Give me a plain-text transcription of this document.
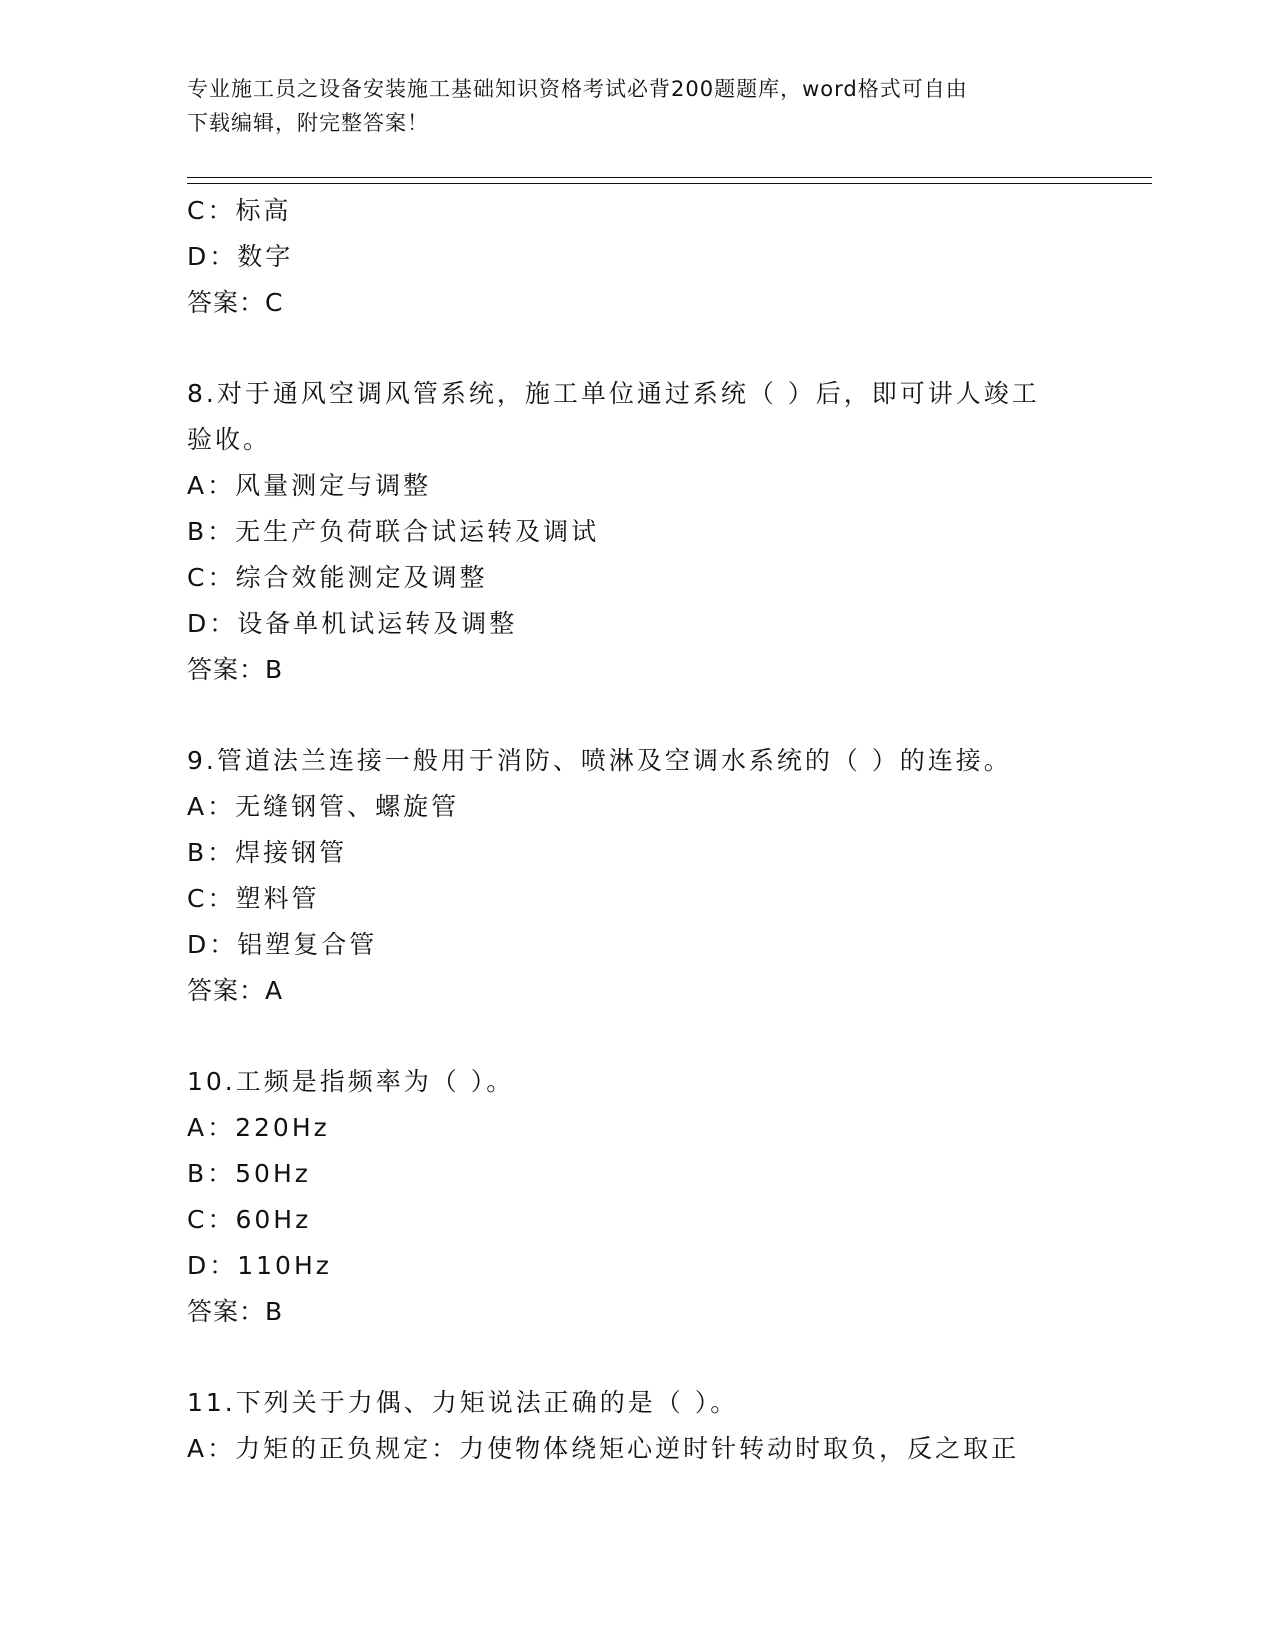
专业施工员之设备安装施工基础知识资格考试必背200题题库，word格式可自由
下载编辑，附完整答案！
C：标高
D：数字
答案：C
8.对于通风空调风管系统，施工单位通过系统（ ）后，即可讲人竣工
验收。
A：风量测定与调整
B：无生产负荷联合试运转及调试
C：综合效能测定及调整
D：设备单机试运转及调整
答案：B
9.管道法兰连接一般用于消防、喷淋及空调水系统的（ ）的连接。
A：无缝钢管、螺旋管
B：焊接钢管
C：塑料管
D：铝塑复合管
答案：A
10.工频是指频率为（ ）。
A：220Hz
B：50Hz
C：60Hz
D：110Hz
答案：B
11.下列关于力偶、力矩说法正确的是（ ）。
A：力矩的正负规定：力使物体绕矩心逆时针转动时取负，反之取正
